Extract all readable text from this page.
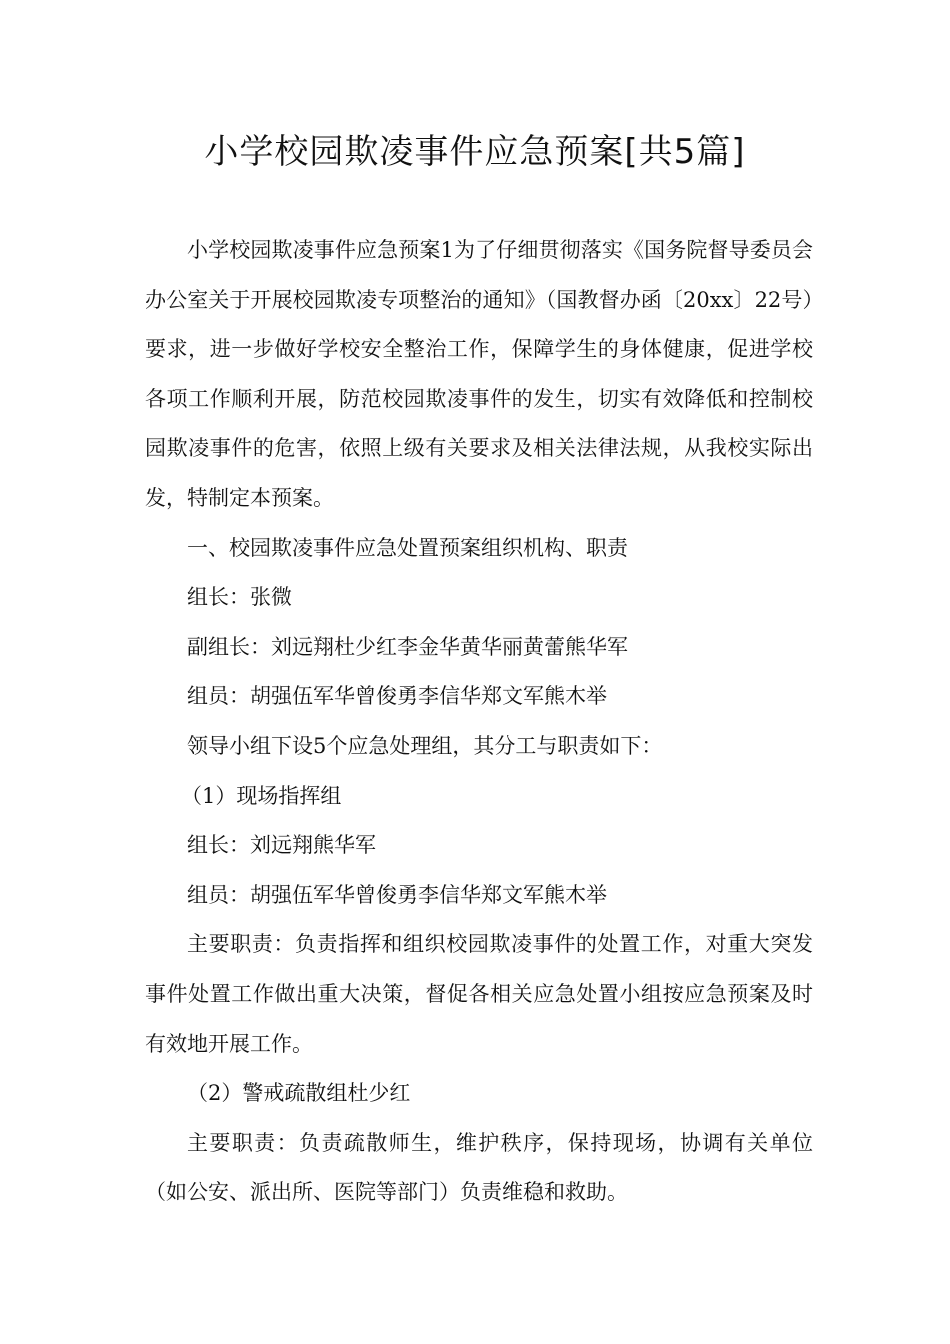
小学校园欺凌事件应急预案[共5篇]

小学校园欺凌事件应急预案1为了仔细贯彻落实《国务院督导委员会办公室关于开展校园欺凌专项整治的通知》（国教督办函〔20xx〕22号）要求，进一步做好学校安全整治工作，保障学生的身体健康，促进学校各项工作顺利开展，防范校园欺凌事件的发生，切实有效降低和控制校园欺凌事件的危害，依照上级有关要求及相关法律法规，从我校实际出发，特制定本预案。

一、校园欺凌事件应急处置预案组织机构、职责

组长：张微

副组长：刘远翔杜少红李金华黄华丽黄蕾熊华军

组员：胡强伍军华曾俊勇李信华郑文军熊木举

领导小组下设5个应急处理组，其分工与职责如下：

（1）现场指挥组

组长：刘远翔熊华军

组员：胡强伍军华曾俊勇李信华郑文军熊木举

主要职责：负责指挥和组织校园欺凌事件的处置工作，对重大突发事件处置工作做出重大决策，督促各相关应急处置小组按应急预案及时有效地开展工作。

（2）警戒疏散组杜少红

主要职责：负责疏散师生，维护秩序，保持现场，协调有关单位（如公安、派出所、医院等部门）负责维稳和救助。
